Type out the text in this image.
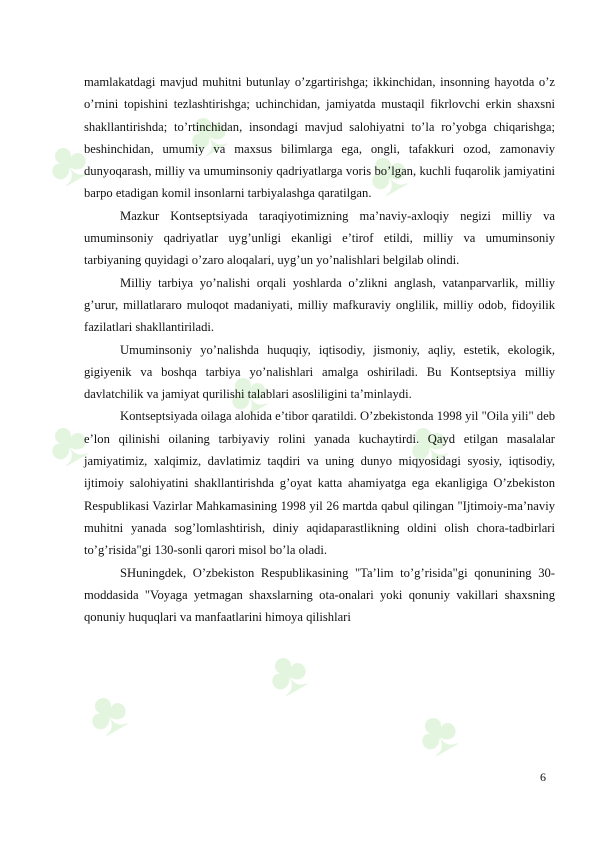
♣ ♣
♣
♣
♣
♣
♣
♣
♣

mamlakatdagi mavjud muhitni butunlay o’zgartirishga; ikkinchidan, insonning hayotda o’z o’rnini topishini tezlashtirishga; uchinchidan, jamiyatda mustaqil fikrlovchi erkin shaxsni shakllantirishda; to’rtinchidan, insondagi mavjud salohiyatni to’la ro’yobga chiqarishga; beshinchidan, umumiy va maxsus bilimlarga ega, ongli, tafakkuri ozod, zamonaviy dunyoqarash, milliy va umuminsoniy qadriyatlarga voris bo’lgan, kuchli fuqarolik jamiyatini barpo etadigan komil insonlarni tarbiyalashga qaratilgan.

Mazkur Kontseptsiyada taraqiyotimizning ma’naviy-axloqiy negizi milliy va umuminsoniy qadriyatlar uyg’unligi ekanligi e’tirof etildi, milliy va umuminsoniy tarbiyaning quyidagi o’zaro aloqalari, uyg’un yo’nalishlari belgilab olindi.

Milliy tarbiya yo’nalishi orqali yoshlarda o’zlikni anglash, vatanparvarlik, milliy g’urur, millatlararo muloqot madaniyati, milliy mafkuraviy onglilik, milliy odob, fidoyilik fazilatlari shakllantiriladi.

Umuminsoniy yo’nalishda huquqiy, iqtisodiy, jismoniy, aqliy, estetik, ekologik, gigiyenik va boshqa tarbiya yo’nalishlari amalga oshiriladi. Bu Kontseptsiya milliy davlatchilik va jamiyat qurilishi talablari asosliligini ta’minlaydi.

Kontseptsiyada oilaga alohida e’tibor qaratildi. O’zbekistonda 1998 yil "Oila yili" deb e’lon qilinishi oilaning tarbiyaviy rolini yanada kuchaytirdi. Qayd etilgan masalalar jamiyatimiz, xalqimiz, davlatimiz taqdiri va uning dunyo miqyosidagi syosiy, iqtisodiy, ijtimoiy salohiyatini shakllantirishda g’oyat katta ahamiyatga ega ekanligiga O’zbekiston Respublikasi Vazirlar Mahkamasining 1998 yil 26 martda qabul qilingan "Ijtimoiy-ma’naviy muhitni yanada sog’lomlashtirish, diniy aqidaparastlikning oldini olish chora-tadbirlari to’g’risida"gi 130-sonli qarori misol bo’la oladi.

SHuningdek, O’zbekiston Respublikasining "Ta’lim to’g’risida"gi qonunining 30-moddasida "Voyaga yetmagan shaxslarning ota-onalari yoki qonuniy vakillari shaxsning qonuniy huquqlari va manfaatlarini himoya qilishlari

6
